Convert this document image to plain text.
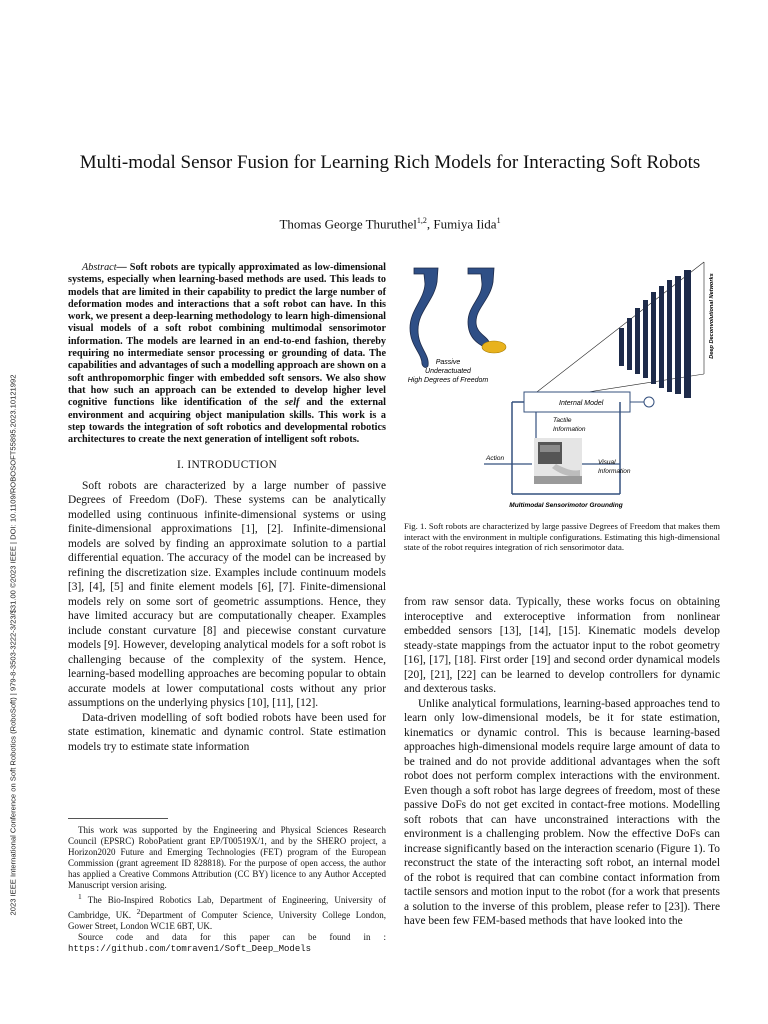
2023 IEEE International Conference on Soft Robotics (RoboSoft) | 979-8-3503-3222-3/23/$31.00 ©2023 IEEE | DOI: 10.1109/ROBOSOFT55895.2023.10121992
Multi-modal Sensor Fusion for Learning Rich Models for Interacting Soft Robots
Thomas George Thuruthel$^{1,2}$, Fumiya Iida$^1$

Abstract— Soft robots are typically approximated as low-dimensional systems, especially when learning-based methods are used. This leads to models that are limited in their capability to predict the large number of deformation modes and interactions that a soft robot can have. In this work, we present a deep-learning methodology to learn high-dimensional visual models of a soft robot combining multimodal sensorimotor information. The models are learned in an end-to-end fashion, thereby requiring no intermediate sensor processing or grounding of data. The capabilities and advantages of such a modelling approach are shown on a soft anthropomorphic finger with embedded soft sensors. We also show that how such an approach can be extended to develop higher level cognitive functions like identification of the self and the external environment and acquiring object manipulation skills. This work is a step towards the integration of soft robotics and developmental robotics architectures to create the next generation of intelligent soft robots.

I. INTRODUCTION

Soft robots are characterized by a large number of passive Degrees of Freedom (DoF). These systems can be analytically modelled using continuous infinite-dimensional systems or using finite-dimensional approximations [1], [2]. Infinite-dimensional models are solved by finding an approximate solution to a partial differential equation. The accuracy of the model can be increased by refining the discretization size. Examples include continuum models [3], [4], [5] and finite element models [6], [7]. Finite-dimensional models rely on some sort of geometric assumptions. Hence, they have limited accuracy but are computationally cheaper. Examples include constant curvature [8] and piecewise constant curvature models [9]. However, developing analytical models for a soft robot is challenging because of the complexity of the system. Hence, learning-based modelling approaches are becoming popular to obtain accurate models at lower computational costs without any prior assumptions on the underlying physics [10], [11], [12].

Data-driven modelling of soft bodied robots have been used for state estimation, kinematic and dynamic control. State estimation models try to estimate state information

This work was supported by the Engineering and Physical Sciences Research Council (EPSRC) RoboPatient grant EP/T00519X/1, and by the SHERO project, a Horizon2020 Future and Emerging Technologies (FET) program of the European Commission (grant agreement ID 828818). For the purpose of open access, the author has applied a Creative Commons Attribution (CC BY) licence to any Author Accepted Manuscript version arising.

$^1$ The Bio-Inspired Robotics Lab, Department of Engineering, University of Cambridge, UK. $^2$Department of Computer Science, University College London, Gower Street, London WC1E 6BT, UK.

Source code and data for this paper can be found in : https://github.com/tomraven1/Soft_Deep_Models

Passive
Underactuated
High Degrees of Freedom
Deep Deconvolutional Networks
Internal Model
Tactile
Information
Action
Visual
Information
Multimodal Sensorimotor Grounding
Fig. 1. Soft robots are characterized by large passive Degrees of Freedom that makes them interact with the environment in multiple configurations. Estimating this high-dimensional state of the robot requires integration of rich sensorimotor data.

from raw sensor data. Typically, these works focus on obtaining interoceptive and exteroceptive information from nonlinear embedded sensors [13], [14], [15]. Kinematic models develop steady-state mappings from the actuator input to the robot geometry [16], [17], [18]. First order [19] and second order dynamical models [20], [21], [22] can be learned to develop controllers for dynamic and dexterous tasks.

Unlike analytical formulations, learning-based approaches tend to learn only low-dimensional models, be it for state estimation, kinematics or dynamic control. This is because learning-based approaches high-dimensional models require large amount of data to be trained and do not provide additional advantages when the soft robot does not perform complex interactions with the environment. Even though a soft robot has large degrees of freedom, most of these passive DoFs do not get excited in contact-free motions. Modelling soft robots that can have unconstrained interactions with the environment is a challenging problem. Now the effective DoFs can increase significantly based on the interaction scenario (Figure 1). To reconstruct the state of the interacting soft robot, an internal model of the robot is required that can combine contact information from tactile sensors and motion input to the robot (for a work that presents a solution to the inverse of this problem, please refer to [23]). There have been few FEM-based methods that have looked into the
